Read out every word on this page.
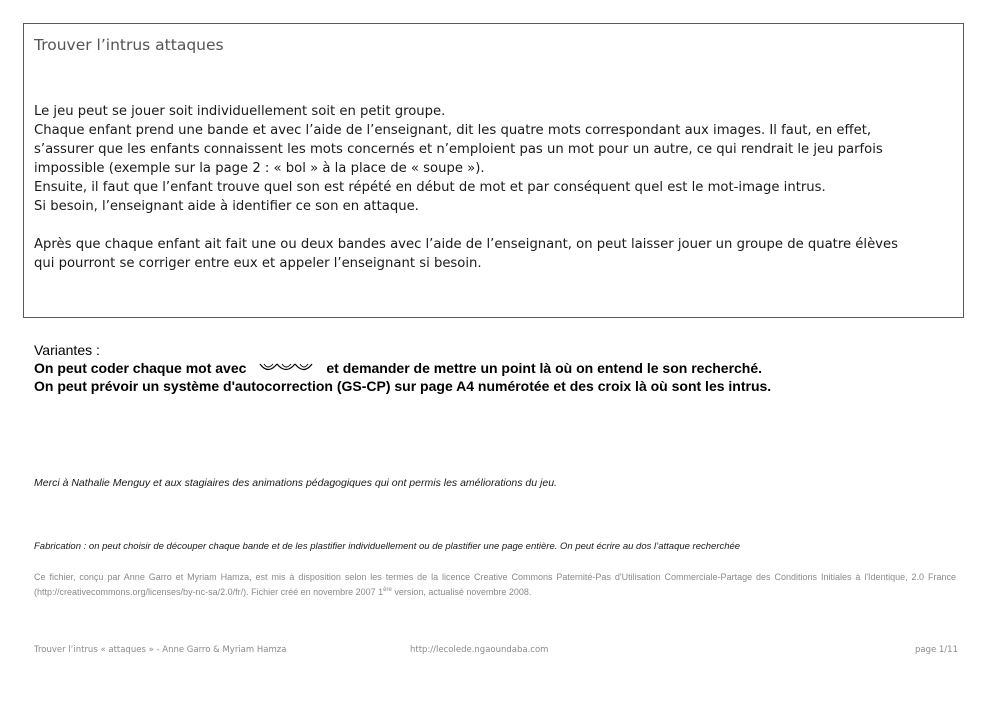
Trouver l’intrus attaques
Le jeu peut se jouer soit individuellement soit en petit groupe.
Chaque enfant prend une bande et avec l’aide de l’enseignant, dit les quatre mots correspondant aux images. Il faut, en effet,
s’assurer que les enfants connaissent les mots concernés et n’emploient pas un mot pour un autre, ce qui rendrait le jeu parfois
impossible (exemple sur la page 2 : « bol » à la place de « soupe »).
Ensuite, il faut que l’enfant trouve quel son est répété en début de mot et par conséquent quel est le mot-image intrus.
Si besoin, l’enseignant aide à identifier ce son en attaque.
Après que chaque enfant ait fait une ou deux bandes avec l’aide de l’enseignant, on peut laisser jouer un groupe de quatre élèves
qui pourront se corriger entre eux et appeler l’enseignant si besoin.
Variantes :
On peut coder chaque mot avec	et demander de mettre un point là où on entend le son recherché.
On peut prévoir un système d'autocorrection (GS-CP) sur page A4 numérotée et des croix là où sont les intrus.
Merci à Nathalie Menguy et aux stagiaires des animations pédagogiques qui ont permis les améliorations du jeu.
Fabrication : on peut choisir de découper chaque bande et de les plastifier individuellement ou de plastifier une page entière. On peut écrire au dos l’attaque recherchée
Ce fichier, conçu par Anne Garro et Myriam Hamza, est mis à disposition selon les termes de la licence Creative Commons Paternité-Pas d'Utilisation Commerciale-Partage des Conditions Initiales à l'Identique, 2.0 France (http://creativecommons.org/licenses/by-nc-sa/2.0/fr/). Fichier créé en novembre 2007 1ère version, actualisé novembre 2008.
Trouver l’intrus « attaques » - Anne Garro & Myriam Hamza	http://lecolede.ngaoundaba.com	page 1/11
